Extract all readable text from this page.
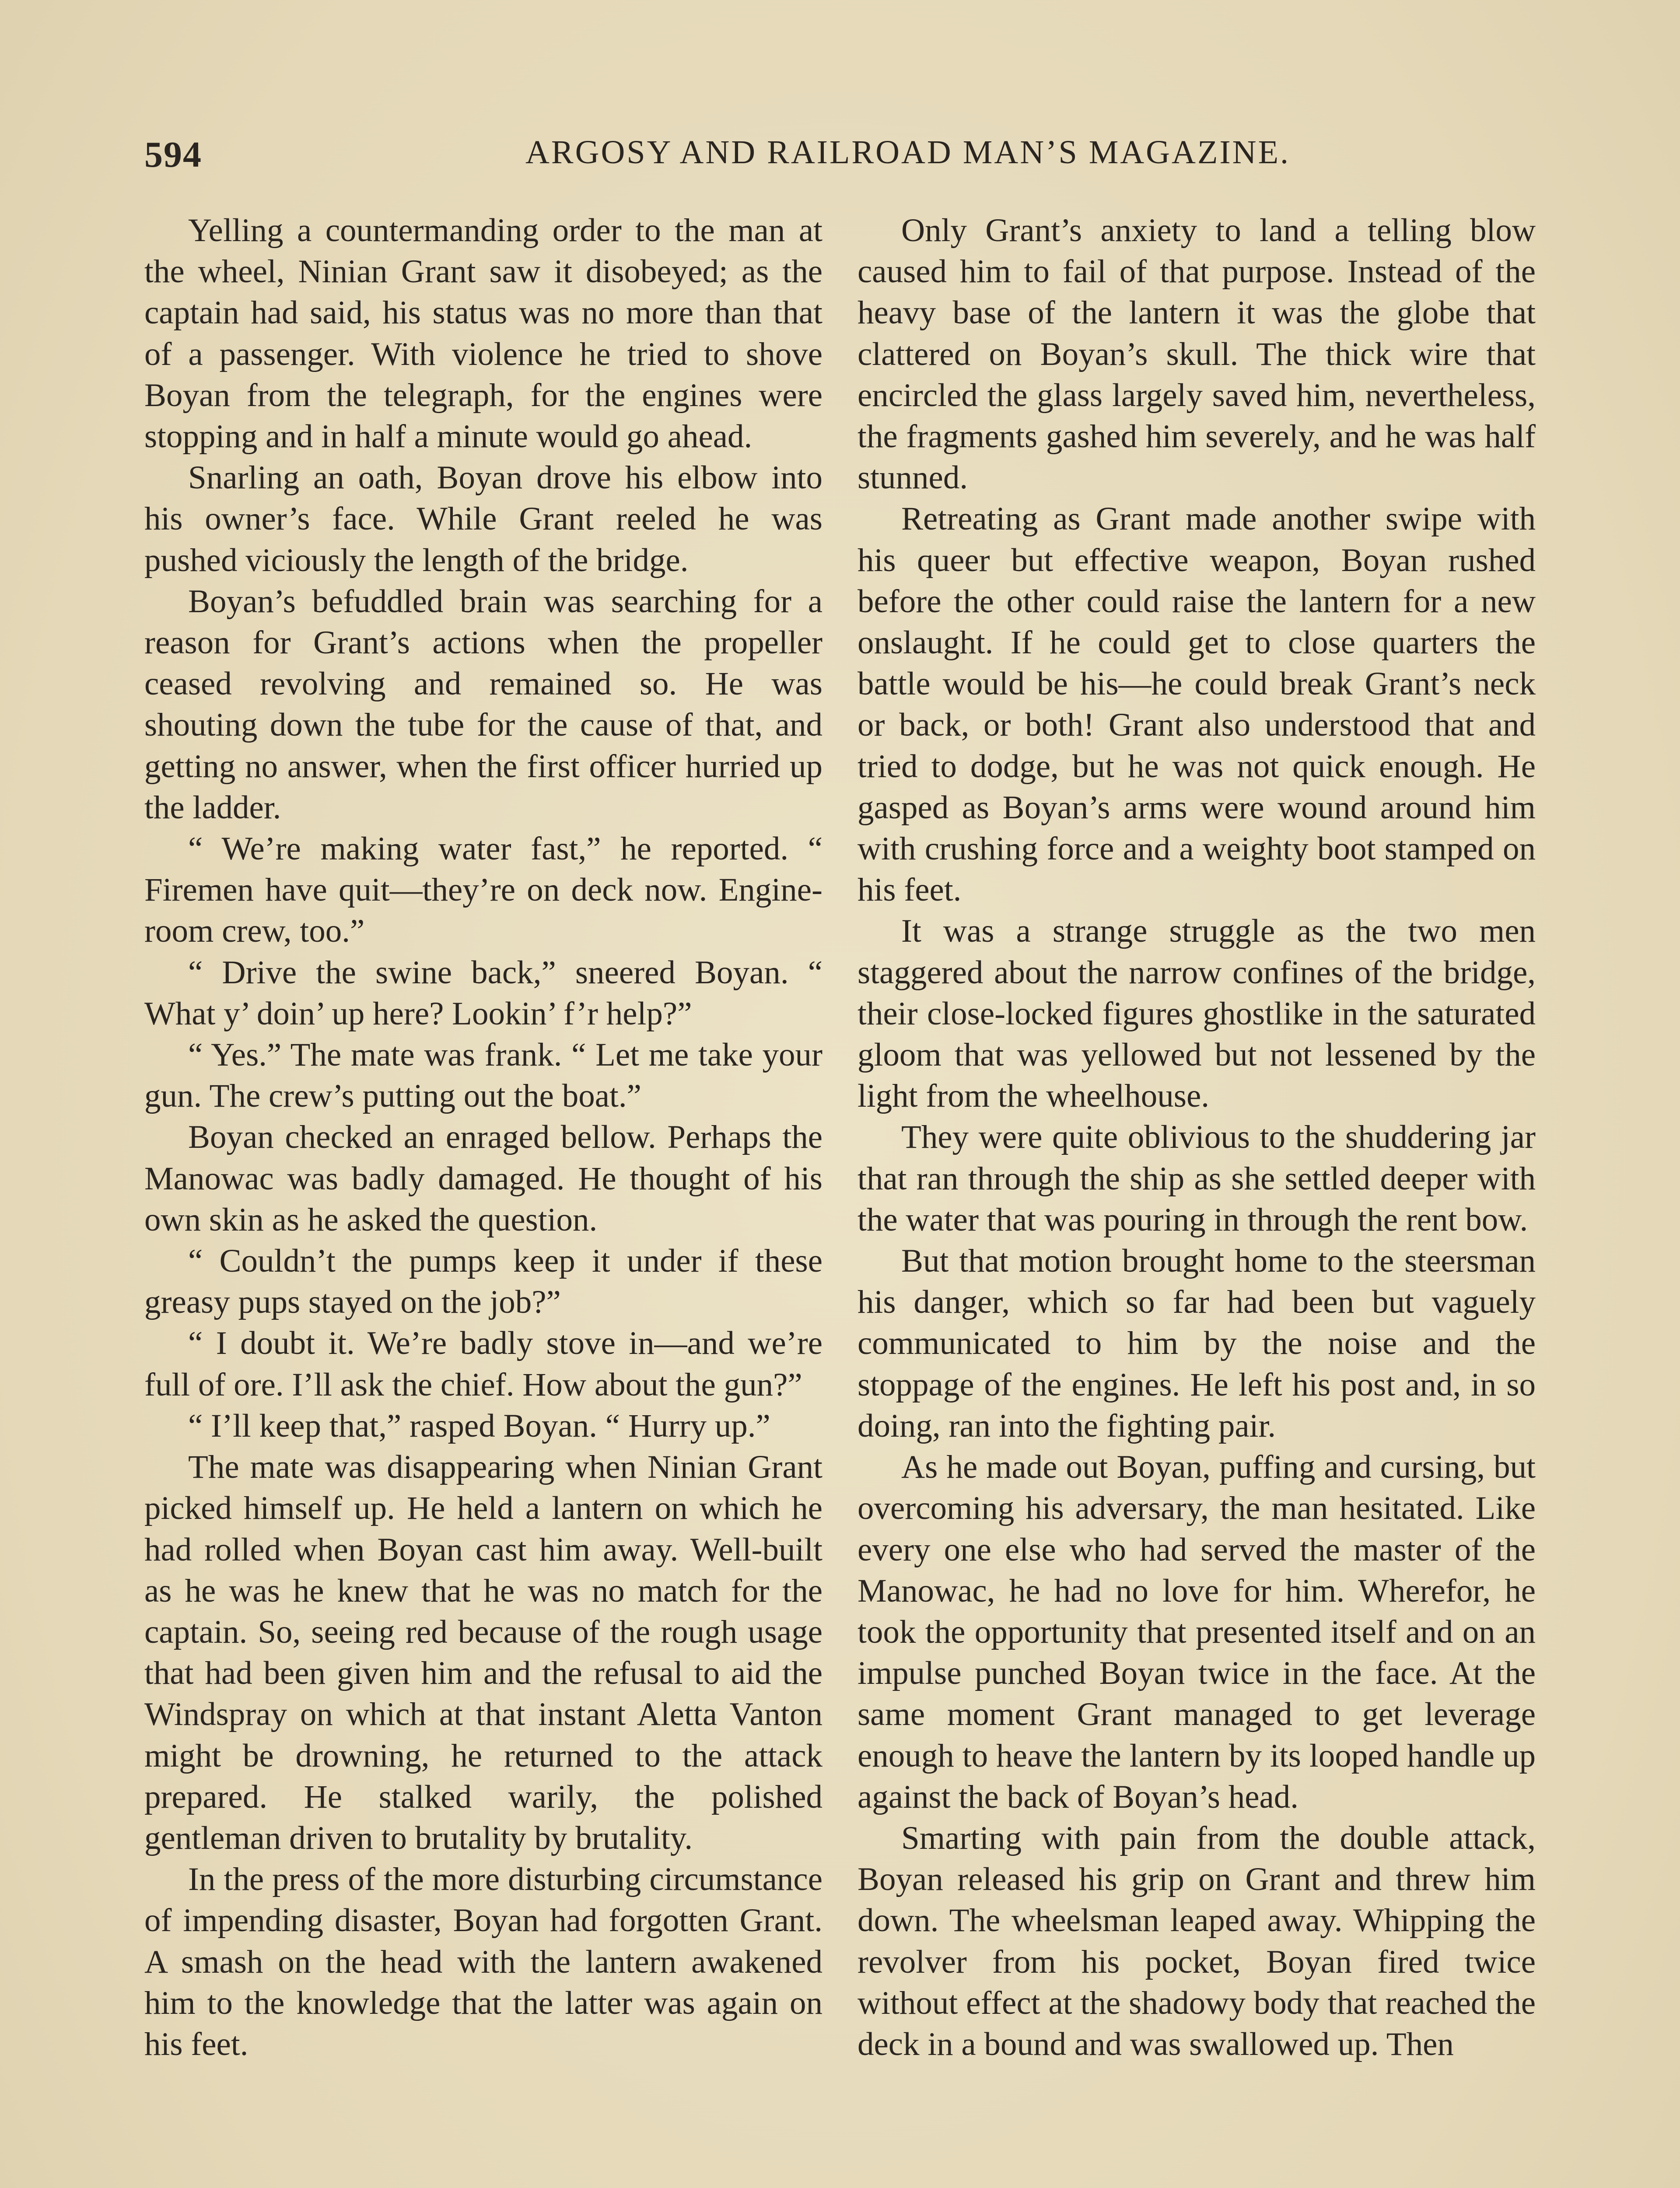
594	ARGOSY AND RAILROAD MAN’S MAGAZINE.

Yelling a countermanding order to the man at the wheel, Ninian Grant saw it disobeyed; as the captain had said, his status was no more than that of a passenger. With violence he tried to shove Boyan from the telegraph, for the engines were stopping and in half a minute would go ahead.

Snarling an oath, Boyan drove his elbow into his owner’s face. While Grant reeled he was pushed viciously the length of the bridge.

Boyan’s befuddled brain was searching for a reason for Grant’s actions when the propeller ceased revolving and remained so. He was shouting down the tube for the cause of that, and getting no answer, when the first officer hurried up the ladder.

“ We’re making water fast,” he reported. “ Firemen have quit—they’re on deck now. Engine-room crew, too.”

“ Drive the swine back,” sneered Boyan. “ What y’ doin’ up here? Lookin’ f’r help?”

“ Yes.” The mate was frank. “ Let me take your gun. The crew’s putting out the boat.”

Boyan checked an enraged bellow. Perhaps the Manowac was badly damaged. He thought of his own skin as he asked the question.

“ Couldn’t the pumps keep it under if these greasy pups stayed on the job?”

“ I doubt it. We’re badly stove in—and we’re full of ore. I’ll ask the chief. How about the gun?”

“ I’ll keep that,” rasped Boyan. “ Hurry up.”

The mate was disappearing when Ninian Grant picked himself up. He held a lantern on which he had rolled when Boyan cast him away. Well-built as he was he knew that he was no match for the captain. So, seeing red because of the rough usage that had been given him and the refusal to aid the Windspray on which at that instant Aletta Vanton might be drowning, he returned to the attack prepared. He stalked warily, the polished gentleman driven to brutality by brutality.

In the press of the more disturbing circumstance of impending disaster, Boyan had forgotten Grant. A smash on the head with the lantern awakened him to the knowledge that the latter was again on his feet.

Only Grant’s anxiety to land a telling blow caused him to fail of that purpose. Instead of the heavy base of the lantern it was the globe that clattered on Boyan’s skull. The thick wire that encircled the glass largely saved him, nevertheless, the fragments gashed him severely, and he was half stunned.

Retreating as Grant made another swipe with his queer but effective weapon, Boyan rushed before the other could raise the lantern for a new onslaught. If he could get to close quarters the battle would be his—he could break Grant’s neck or back, or both! Grant also understood that and tried to dodge, but he was not quick enough. He gasped as Boyan’s arms were wound around him with crushing force and a weighty boot stamped on his feet.

It was a strange struggle as the two men staggered about the narrow confines of the bridge, their close-locked figures ghostlike in the saturated gloom that was yellowed but not lessened by the light from the wheelhouse.

They were quite oblivious to the shuddering jar that ran through the ship as she settled deeper with the water that was pouring in through the rent bow.

But that motion brought home to the steersman his danger, which so far had been but vaguely communicated to him by the noise and the stoppage of the engines. He left his post and, in so doing, ran into the fighting pair.

As he made out Boyan, puffing and cursing, but overcoming his adversary, the man hesitated. Like every one else who had served the master of the Manowac, he had no love for him. Wherefor, he took the opportunity that presented itself and on an impulse punched Boyan twice in the face. At the same moment Grant managed to get leverage enough to heave the lantern by its looped handle up against the back of Boyan’s head.

Smarting with pain from the double attack, Boyan released his grip on Grant and threw him down. The wheelsman leaped away. Whipping the revolver from his pocket, Boyan fired twice without effect at the shadowy body that reached the deck in a bound and was swallowed up. Then
